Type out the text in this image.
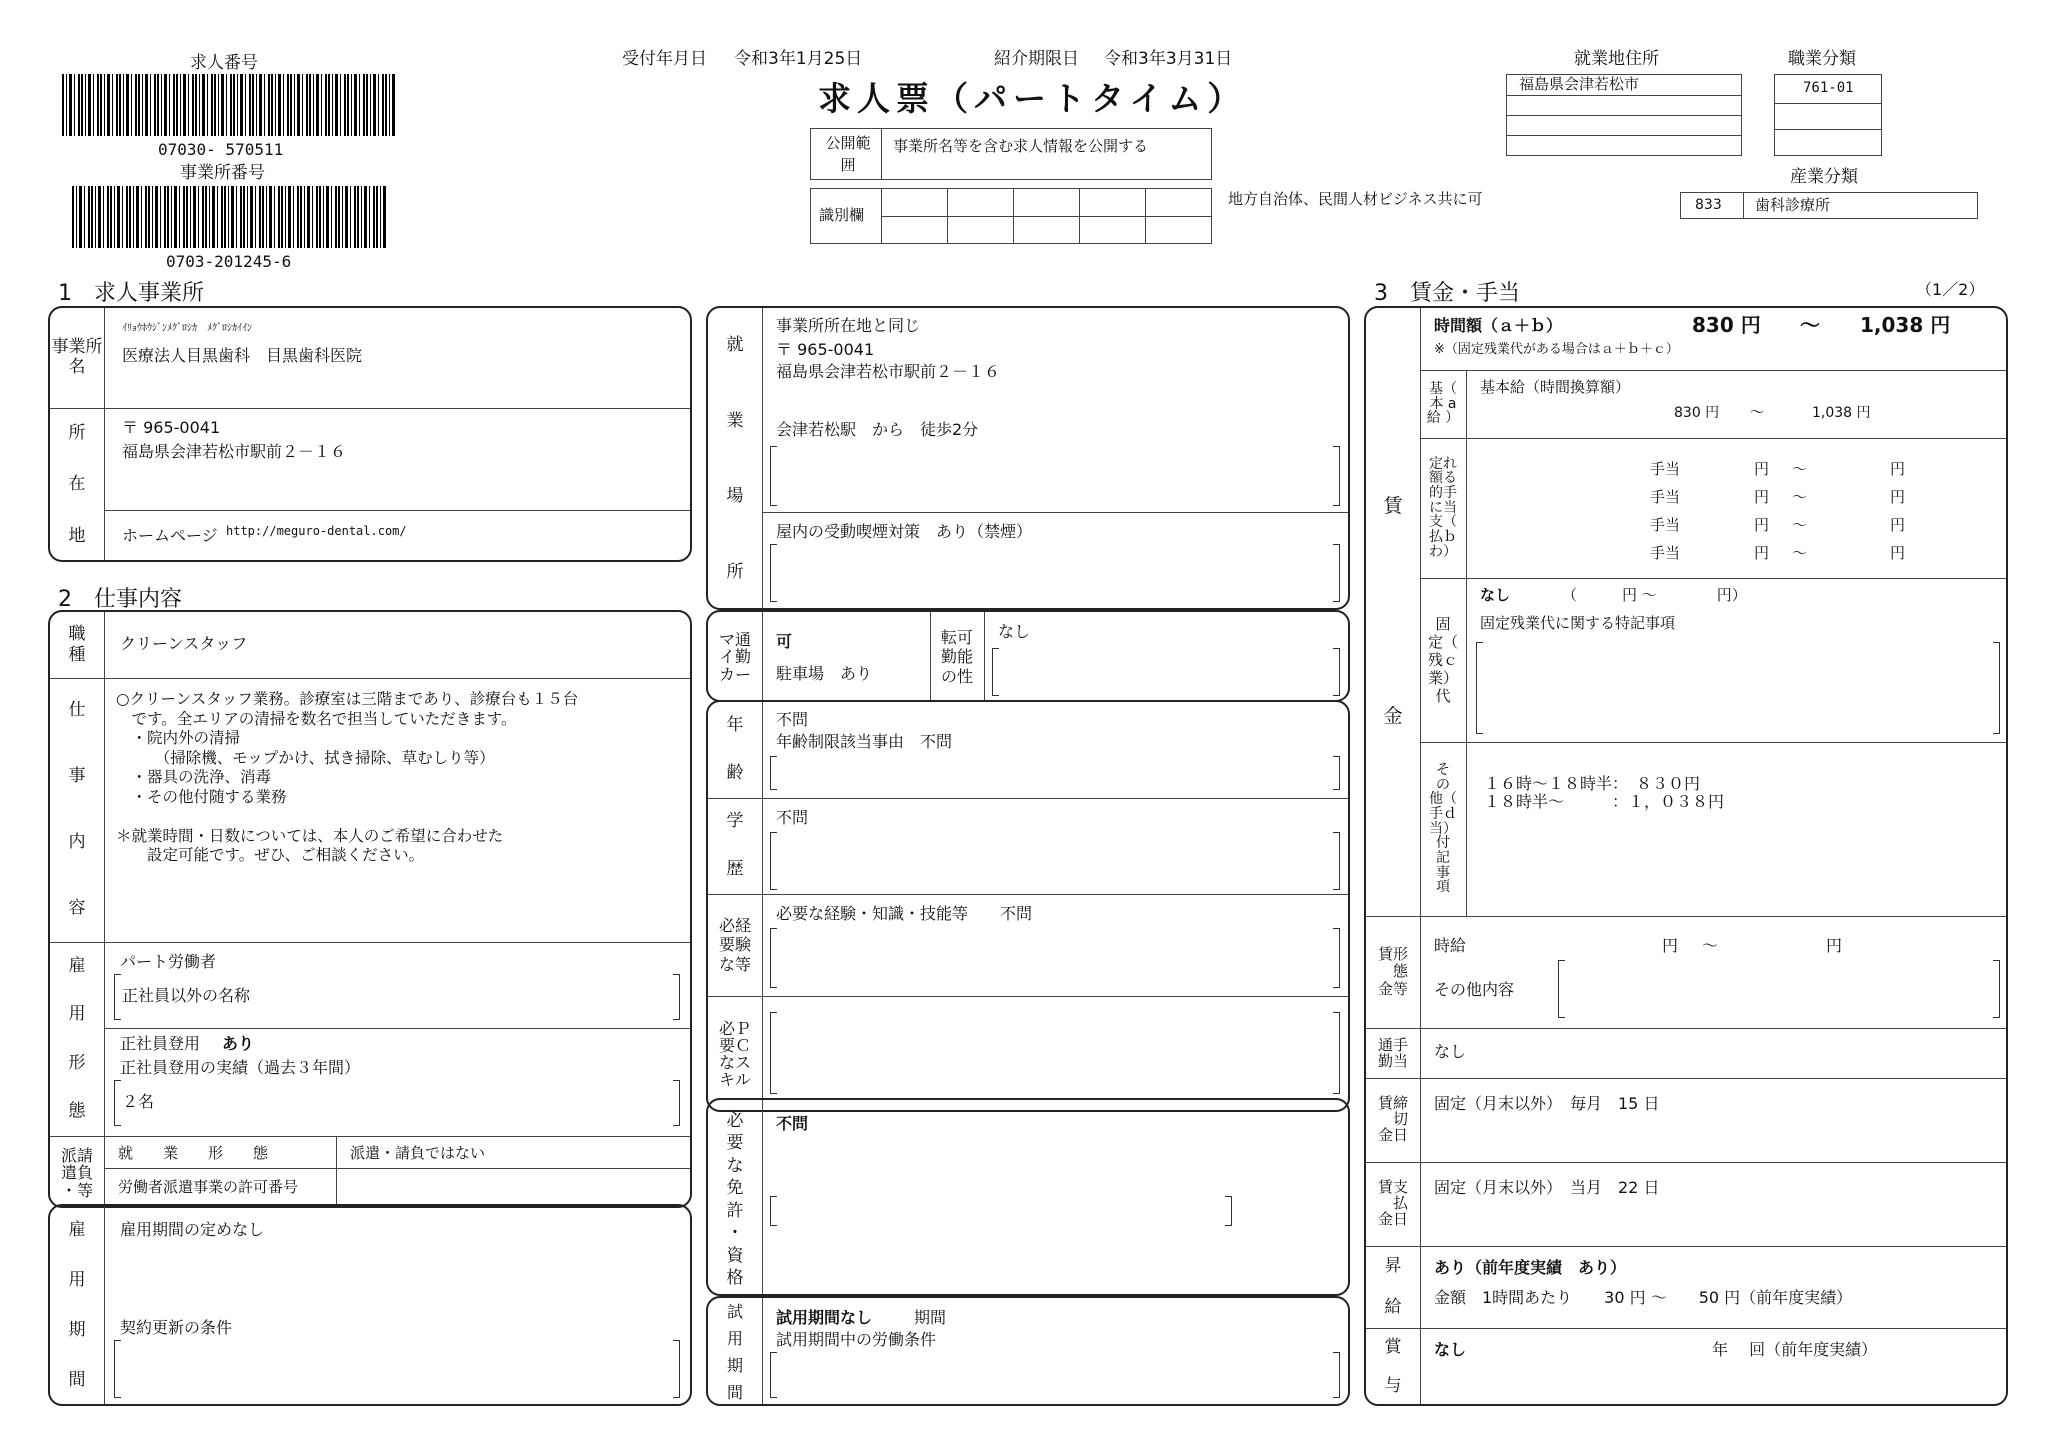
求人番号
07030- 570511
事業所番号
0703-201245-6
受付年月日 令和3年1月25日	紹介期限日 令和3年3月31日
求人票（パートタイム）
公開範囲
事業所名等を含む求人情報を公開する
識別欄
地方自治体、民間人材ビジネス共に可
就業地住所
福島県会津若松市
職業分類
761-01
産業分類
833 歯科診療所
1　求人事業所
事業所名
ｲﾘｮｳﾎｳｼﾞﾝﾒｸﾞﾛｼｶ　ﾒｸﾞﾛｼｶｲｲﾝ
医療法人目黒歯科　目黒歯科医院
所
在
地
〒 965-0041
福島県会津若松市駅前２－１６
ホームページ http://meguro-dental.com/
2　仕事内容
職
種
クリーンスタッフ
仕
事
内
容
○クリーンスタッフ業務。診療室は三階まであり、診療台も１５台
　です。全エリアの清掃を数名で担当していただきます。
　・院内外の清掃
　　　（掃除機、モップかけ、拭き掃除、草むしり等）
　・器具の洗浄、消毒
　・その他付随する業務

＊就業時間・日数については、本人のご希望に合わせた
　　設定可能です。ぜひ、ご相談ください。
雇
用
形
態
パート労働者
正社員以外の名称
正社員登用 あり
正社員登用の実績（過去３年間）
２名
派請
遣負
・等
就　　業　　形　　態	派遣・請負ではない
労働者派遣事業の許可番号
雇
用
期
間
雇用期間の定めなし
契約更新の条件
就
業
場
所
事業所所在地と同じ
〒 965-0041
福島県会津若松市駅前２－１６
会津若松駅　から　徒歩2分
屋内の受動喫煙対策　あり（禁煙）
マ通
イ勤
カー
可
駐車場　あり
転可
勤能
の性
なし
年
齢
不問
年齢制限該当事由　不問
学
歴
不問
必経
要験
な等
必要な経験・知識・技能等　　不問
必Ｐ
要Ｃ
なス
キル
必
要
な
免
許
・
資
格
不問
試
用
期
間
試用期間なし	期間
試用期間中の労働条件
3　賃金・手当	（1／2）
賃
金
時間額（ａ＋ｂ）	830 円 ～ 1,038 円
※（固定残業代がある場合はａ＋ｂ＋ｃ）
基（
本 a
給 ）
基本給（時間換算額）
830 円 ～	1,038 円
定れ
額る
的手
に当
支（
払ｂ
わ）
手当	円 ～	円
手当	円 ～	円
手当	円 ～	円
手当	円 ～	円
固
定（
残ｃ
業）
代
なし	（　　　円 ～　　　　円）
固定残業代に関する特記事項
そ
の
他（
手ｄ
当）
付
記
事
項
１６時～１８時半：　８３０円
１８時半～　　　：１，０３８円
賃形
　態
金等
時給	円 ～	円
その他内容
通手
勤当 なし
賃締
　切
金日
固定（月末以外）　毎月　15 日
賃支
　払
金日
固定（月末以外）　当月　22 日
昇
給
あり（前年度実績　あり）
金額　1時間あたり　　30 円 ～　　50 円（前年度実績）
賞
与
なし	年　 回（前年度実績）
